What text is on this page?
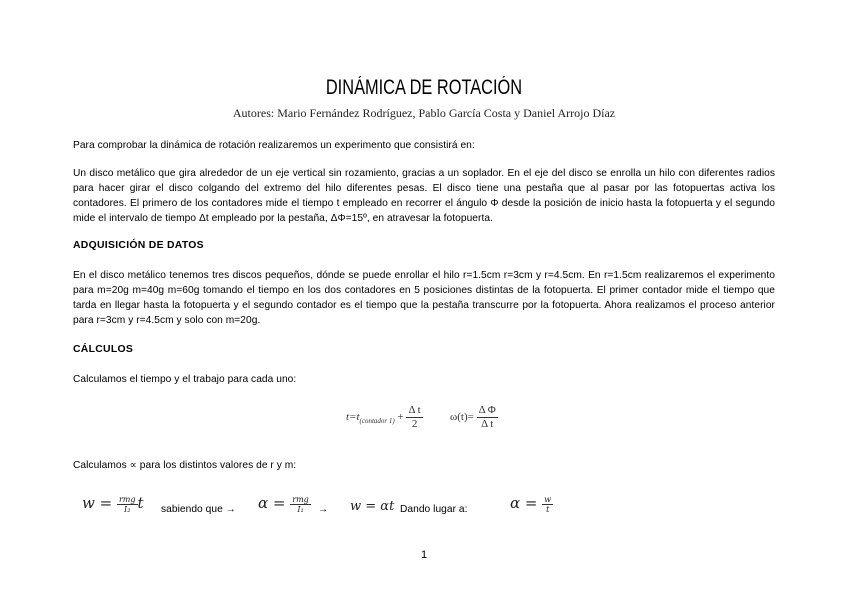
DINÁMICA DE ROTACIÓN
Autores: Mario Fernández Rodríguez, Pablo García Costa y Daniel Arrojo Díaz
Para comprobar la dinámica de rotación realizaremos un experimento que consistirá en:
Un disco metálico que gira alrededor de un eje vertical sin rozamiento, gracias a un soplador. En el eje del disco se enrolla un hilo con diferentes radios para hacer girar el disco colgando del extremo del hilo diferentes pesas. El disco tiene una pestaña que al pasar por las fotopuertas activa los contadores. El primero de los contadores mide el tiempo t empleado en recorrer el ángulo Φ desde la posición de inicio hasta la fotopuerta y el segundo mide el intervalo de tiempo Δt empleado por la pestaña, ΔΦ=15º, en atravesar la fotopuerta.
ADQUISICIÓN DE DATOS
En el disco metálico tenemos tres discos pequeños, dónde se puede enrollar el hilo r=1.5cm r=3cm y r=4.5cm. En r=1.5cm realizaremos el experimento para m=20g m=40g m=60g tomando el tiempo en los dos contadores en 5 posiciones distintas de la fotopuerta. El primer contador mide el tiempo que tarda en llegar hasta la fotopuerta y el segundo contador es el tiempo que la pestaña transcurre por la fotopuerta. Ahora realizamos el proceso anterior para r=3cm y r=4.5cm y solo con m=20g.
CÁLCULOS
Calculamos el tiempo y el trabajo para cada uno:
$t=t_{(contador 1)} + \frac{\text{Δ t}}{2} \omega(t)= \frac{\text{Δ Φ}}{\text{Δ t}}$
Calculamos ∝ para los distintos valores de r y m:
$w = \frac{\text{rmg}}{\text{I₂}}$ t sabiendo que → $\alpha = \frac{\text{rmg}}{\text{I₁}} \to w = \alpha t$ Dando lugar a:	$\alpha = \frac{w}{t}$
1
